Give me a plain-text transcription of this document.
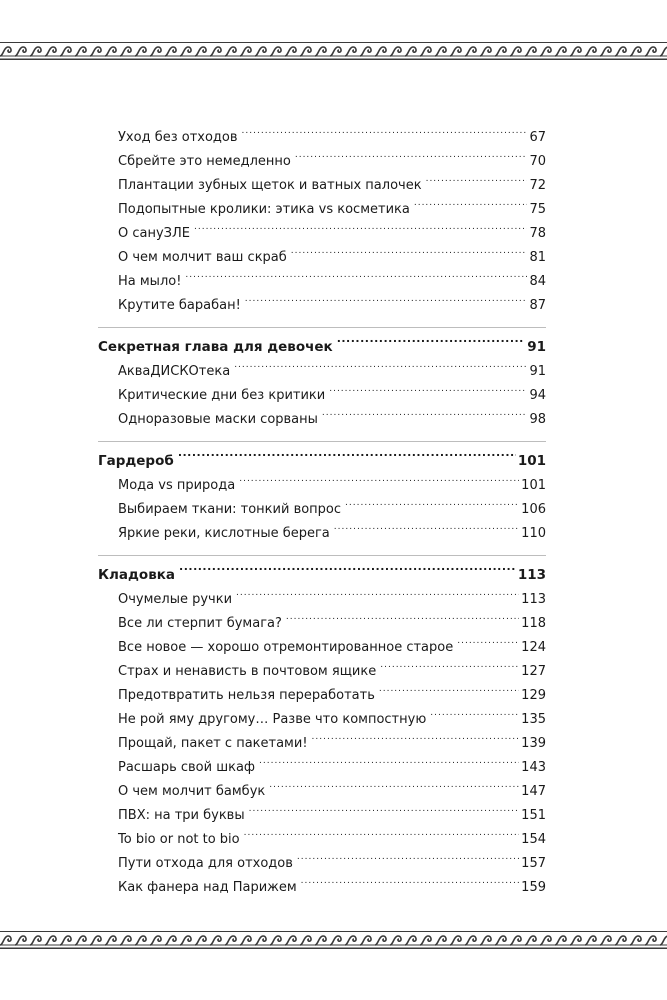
Уход без отходов .....	67
Сбрейте это немедленно .....	70
Плантации зубных щеток и ватных палочек .....	72
Подопытные кролики: этика vs косметика .....	75
О сануЗЛЕ .....	78
О чем молчит ваш скраб .....	81
На мыло! .....	84
Крутите барабан! .....	87
Секретная глава для девочек .....	91
АкваДИСКОтека .....	91
Критические дни без критики .....	94
Одноразовые маски сорваны .....	98
Гардероб .....	101
Мода vs природа .....	101
Выбираем ткани: тонкий вопрос .....	106
Яркие реки, кислотные берега .....	110
Кладовка .....	113
Очумелые ручки .....	113
Все ли стерпит бумага? .....	118
Все новое — хорошо отремонтированное старое .....	124
Страх и ненависть в почтовом ящике .....	127
Предотвратить нельзя переработать .....	129
Не рой яму другому… Разве что компостную .....	135
Прощай, пакет с пакетами! .....	139
Расшарь свой шкаф .....	143
О чем молчит бамбук .....	147
ПВХ: на три буквы .....	151
To bio or not to bio .....	154
Пути отхода для отходов .....	157
Как фанера над Парижем .....	159
